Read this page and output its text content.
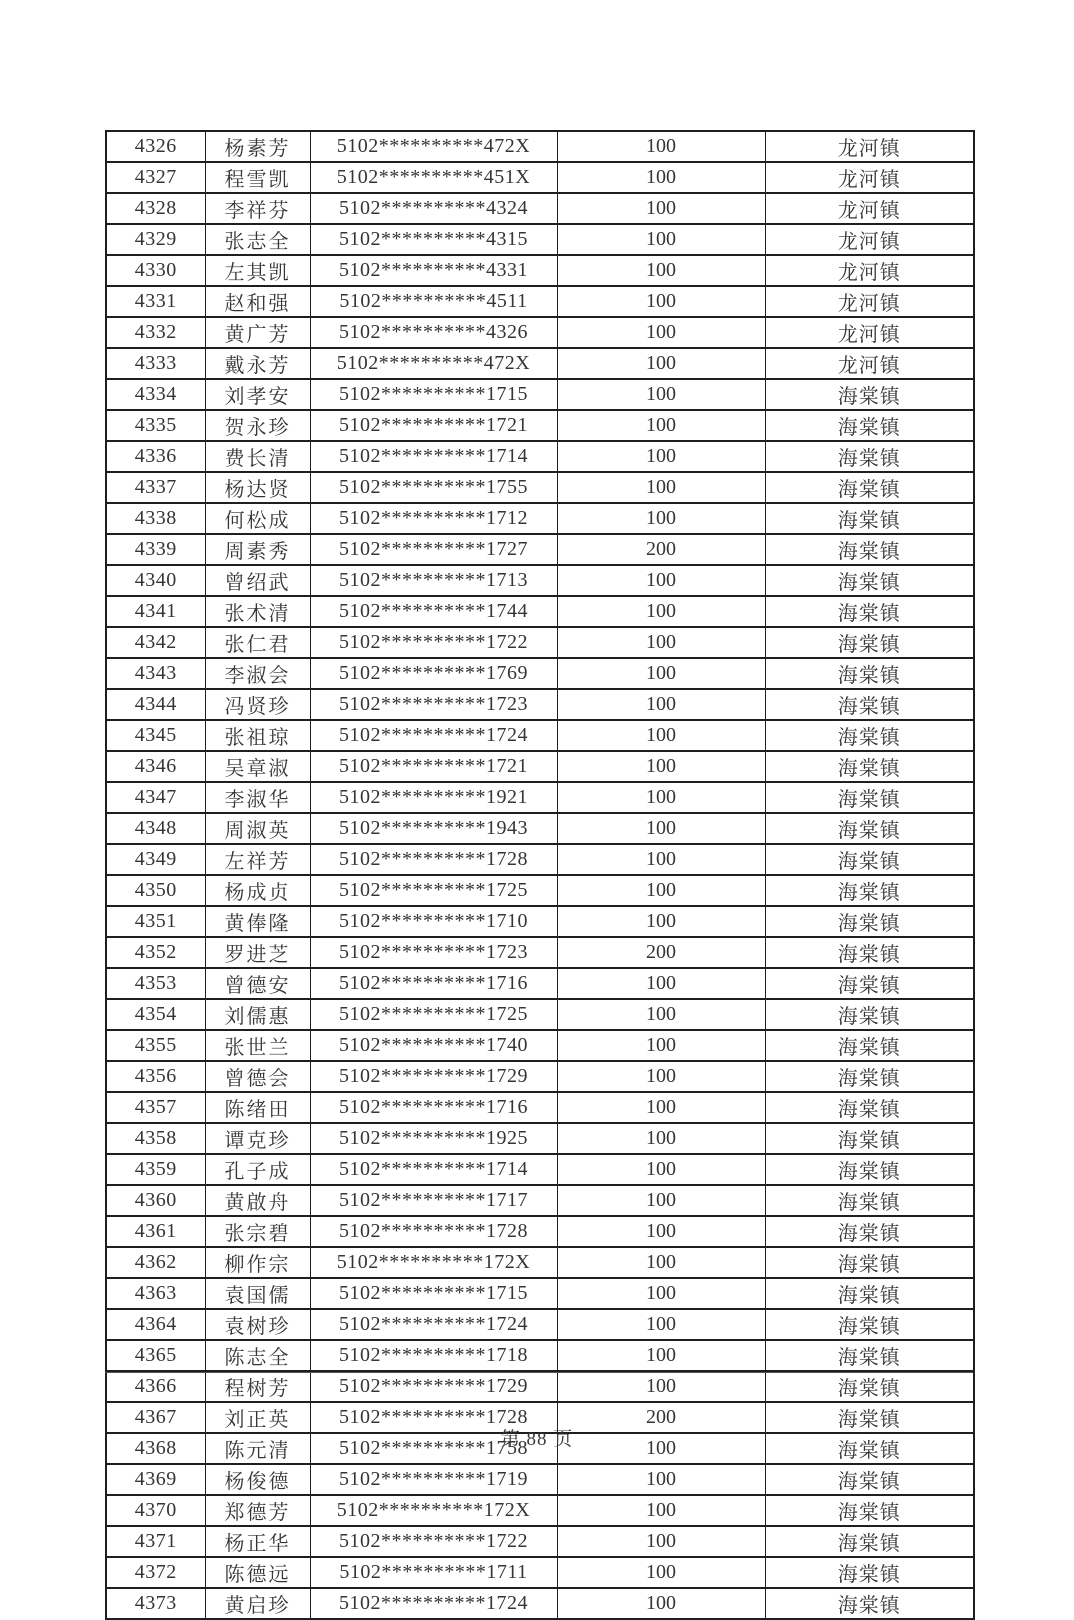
4326	杨素芳	5102**********472X	100	龙河镇
4327	程雪凯	5102**********451X	100	龙河镇
4328	李祥芬	5102**********4324	100	龙河镇
4329	张志全	5102**********4315	100	龙河镇
4330	左其凯	5102**********4331	100	龙河镇
4331	赵和强	5102**********4511	100	龙河镇
4332	黄广芳	5102**********4326	100	龙河镇
4333	戴永芳	5102**********472X	100	龙河镇
4334	刘孝安	5102**********1715	100	海棠镇
4335	贺永珍	5102**********1721	100	海棠镇
4336	费长清	5102**********1714	100	海棠镇
4337	杨达贤	5102**********1755	100	海棠镇
4338	何松成	5102**********1712	100	海棠镇
4339	周素秀	5102**********1727	200	海棠镇
4340	曾绍武	5102**********1713	100	海棠镇
4341	张术清	5102**********1744	100	海棠镇
4342	张仁君	5102**********1722	100	海棠镇
4343	李淑会	5102**********1769	100	海棠镇
4344	冯贤珍	5102**********1723	100	海棠镇
4345	张祖琼	5102**********1724	100	海棠镇
4346	吴章淑	5102**********1721	100	海棠镇
4347	李淑华	5102**********1921	100	海棠镇
4348	周淑英	5102**********1943	100	海棠镇
4349	左祥芳	5102**********1728	100	海棠镇
4350	杨成贞	5102**********1725	100	海棠镇
4351	黄俸隆	5102**********1710	100	海棠镇
4352	罗进芝	5102**********1723	200	海棠镇
4353	曾德安	5102**********1716	100	海棠镇
4354	刘儒惠	5102**********1725	100	海棠镇
4355	张世兰	5102**********1740	100	海棠镇
4356	曾德会	5102**********1729	100	海棠镇
4357	陈绪田	5102**********1716	100	海棠镇
4358	谭克珍	5102**********1925	100	海棠镇
4359	孔子成	5102**********1714	100	海棠镇
4360	黄啟舟	5102**********1717	100	海棠镇
4361	张宗碧	5102**********1728	100	海棠镇
4362	柳作宗	5102**********172X	100	海棠镇
4363	袁国儒	5102**********1715	100	海棠镇
4364	袁树珍	5102**********1724	100	海棠镇
4365	陈志全	5102**********1718	100	海棠镇
4366	程树芳	5102**********1729	100	海棠镇
4367	刘正英	5102**********1728	200	海棠镇
4368	陈元清	5102**********1758	100	海棠镇
4369	杨俊德	5102**********1719	100	海棠镇
4370	郑德芳	5102**********172X	100	海棠镇
4371	杨正华	5102**********1722	100	海棠镇
4372	陈德远	5102**********1711	100	海棠镇
4373	黄启珍	5102**********1724	100	海棠镇
第 88 页
